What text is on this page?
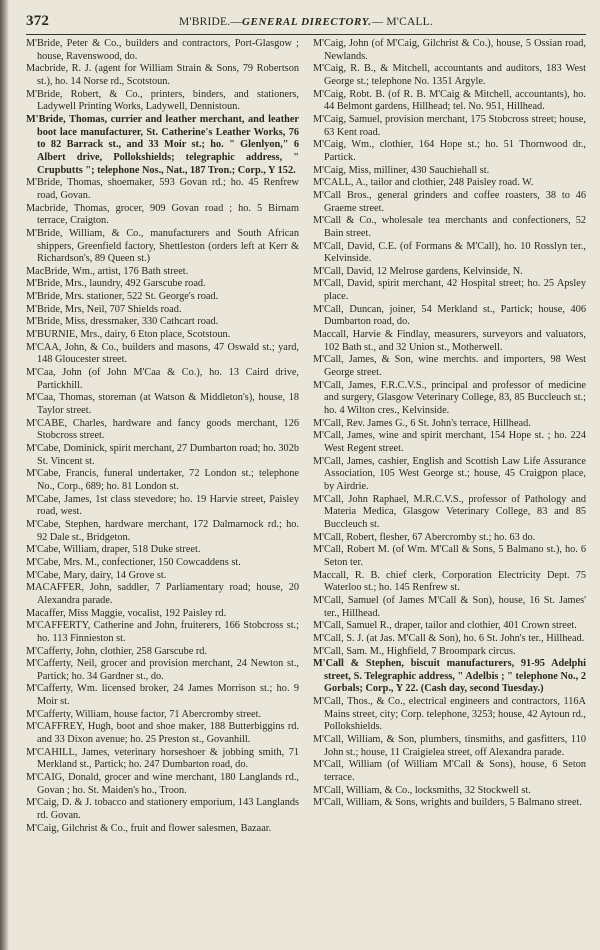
372	M'BRIDE.—GENERAL DIRECTORY.— M'CALL.

M'Bride, Peter & Co., builders and contractors, Port-Glasgow ; house, Ravenswood, do.

Macbride, R. J. (agent for William Strain & Sons, 79 Robertson st.), ho. 14 Norse rd., Scotstoun.

M'Bride, Robert, & Co., printers, binders, and stationers, Ladywell Printing Works, Ladywell, Dennistoun.

M'Bride, Thomas, currier and leather merchant, and leather boot lace manufacturer, St. Catherine's Leather Works, 76 to 82 Barrack st., and 33 Moir st.; ho. " Glenlyon," 6 Albert drive, Pollokshields; telegraphic address, " Crupbutts "; telephone Nos., Nat., 187 Tron.; Corp., Y 152.

M'Bride, Thomas, shoemaker, 593 Govan rd.; ho. 45 Renfrew road, Govan.

Macbride, Thomas, grocer, 909 Govan road ; ho. 5 Birnam terrace, Craigton.

M'Bride, William, & Co., manufacturers and South African shippers, Greenfield factory, Shettleston (orders left at Kerr & Richardson's, 89 Queen st.)

MacBride, Wm., artist, 176 Bath street.

M'Bride, Mrs., laundry, 492 Garscube road.

M'Bride, Mrs. stationer, 522 St. George's road.

M'Bride, Mrs, Neil, 707 Shields road.

M'Bride, Miss, dressmaker, 330 Cathcart road.

M'BURNIE, Mrs., dairy, 6 Eton place, Scotstoun.

M'CAA, John, & Co., builders and masons, 47 Oswald st.; yard, 148 Gloucester street.

M'Caa, John (of John M'Caa & Co.), ho. 13 Caird drive, Partickhill.

M'Caa, Thomas, storeman (at Watson & Middleton's), house, 18 Taylor street.

M'CABE, Charles, hardware and fancy goods merchant, 126 Stobcross street.

M'Cabe, Dominick, spirit merchant, 27 Dumbarton road; ho. 302b St. Vincent st.

M'Cabe, Francis, funeral undertaker, 72 London st.; telephone No., Corp., 689; ho. 81 London st.

M'Cabe, James, 1st class stevedore; ho. 19 Harvie street, Paisley road, west.

M'Cabe, Stephen, hardware merchant, 172 Dalmarnock rd.; ho. 92 Dale st., Bridgeton.

M'Cabe, William, draper, 518 Duke street.

M'Cabe, Mrs. M., confectioner, 150 Cowcaddens st.

M'Cabe, Mary, dairy, 14 Grove st.

MACAFFER, John, saddler, 7 Parliamentary road; house, 20 Alexandra parade.

Macaffer, Miss Maggie, vocalist, 192 Paisley rd.

M'CAFFERTY, Catherine and John, fruiterers, 166 Stobcross st.; ho. 113 Finnieston st.

M'Cafferty, John, clothier, 258 Garscube rd.

M'Cafferty, Neil, grocer and provision merchant, 24 Newton st., Partick; ho. 34 Gardner st., do.

M'Cafferty, Wm. licensed broker, 24 James Morrison st.; ho. 9 Moir st.

M'Cafferty, William, house factor, 71 Abercromby street.

M'CAFFREY, Hugh, boot and shoe maker, 188 Butterbiggins rd. and 33 Dixon avenue; ho. 25 Preston st., Govanhill.

M'CAHILL, James, veterinary horseshoer & jobbing smith, 71 Merkland st., Partick; ho. 247 Dumbarton road, do.

M'CAIG, Donald, grocer and wine merchant, 180 Langlands rd., Govan ; ho. St. Maiden's ho., Troon.

M'Caig, D. & J. tobacco and stationery emporium, 143 Langlands rd. Govan.

M'Caig, Gilchrist & Co., fruit and flower salesmen, Bazaar.

M'Caig, John (of M'Caig, Gilchrist & Co.), house, 5 Ossian road, Newlands.

M'Caig, R. B., & Mitchell, accountants and auditors, 183 West George st.; telephone No. 1351 Argyle.

M'Caig, Robt. B. (of R. B. M'Caig & Mitchell, accountants), ho. 44 Belmont gardens, Hillhead; tel. No. 951, Hillhead.

M'Caig, Samuel, provision merchant, 175 Stobcross street; house, 63 Kent road.

M'Caig, Wm., clothier, 164 Hope st.; ho. 51 Thornwood dr., Partick.

M'Caig, Miss, milliner, 430 Sauchiehall st.

M'CALL, A., tailor and clothier, 248 Paisley road. W.

M'Call Bros., general grinders and coffee roasters, 38 to 46 Graeme street.

M'Call & Co., wholesale tea merchants and confectioners, 52 Bain street.

M'Call, David, C.E. (of Formans & M'Call), ho. 10 Rosslyn ter., Kelvinside.

M'Call, David, 12 Melrose gardens, Kelvinside, N.

M'Call, David, spirit merchant, 42 Hospital street; ho. 25 Apsley place.

M'Call, Duncan, joiner, 54 Merkland st., Partick; house, 406 Dumbarton road, do.

Maccall, Harvie & Findlay, measurers, surveyors and valuators, 102 Bath st., and 32 Union st., Motherwell.

M'Call, James, & Son, wine merchts. and importers, 98 West George street.

M'Call, James, F.R.C.V.S., principal and professor of medicine and surgery, Glasgow Veterinary College, 83, 85 Buccleuch st.; ho. 4 Wilton cres., Kelvinside.

M'Call, Rev. James G., 6 St. John's terrace, Hillhead.

M'Call, James, wine and spirit merchant, 154 Hope st. ; ho. 224 West Regent street.

M'Call, James, cashier, English and Scottish Law Life Assurance Association, 105 West George st.; house, 45 Craigpon place, by Airdrie.

M'Call, John Raphael, M.R.C.V.S., professor of Pathology and Materia Medica, Glasgow Veterinary College, 83 and 85 Buccleuch st.

M'Call, Robert, flesher, 67 Abercromby st.; ho. 63 do.

M'Call, Robert M. (of Wm. M'Call & Sons, 5 Balmano st.), ho. 6 Seton ter.

Maccall, R. B. chief clerk, Corporation Electricity Dept. 75 Waterloo st.; ho. 145 Renfrew st.

M'Call, Samuel (of James M'Call & Son), house, 16 St. James' ter., Hillhead.

M'Call, Samuel R., draper, tailor and clothier, 401 Crown street.

M'Call, S. J. (at Jas. M'Call & Son), ho. 6 St. John's ter., Hillhead.

M'Call, Sam. M., Highfield, 7 Broompark circus.

M'Call & Stephen, biscuit manufacturers, 91-95 Adelphi street, S. Telegraphic address, " Adelbis ; " telephone No., 2 Gorbals; Corp., Y 22. (Cash day, second Tuesday.)

M'Call, Thos., & Co., electrical engineers and contractors, 116A Mains street, city; Corp. telephone, 3253; house, 42 Aytoun rd., Pollokshields.

M'Call, William, & Son, plumbers, tinsmiths, and gasfitters, 110 John st.; house, 11 Craigielea street, off Alexandra parade.

M'Call, William (of William M'Call & Sons), house, 6 Seton terrace.

M'Call, William, & Co., locksmiths, 32 Stockwell st.

M'Call, William, & Sons, wrights and builders, 5 Balmano street.
